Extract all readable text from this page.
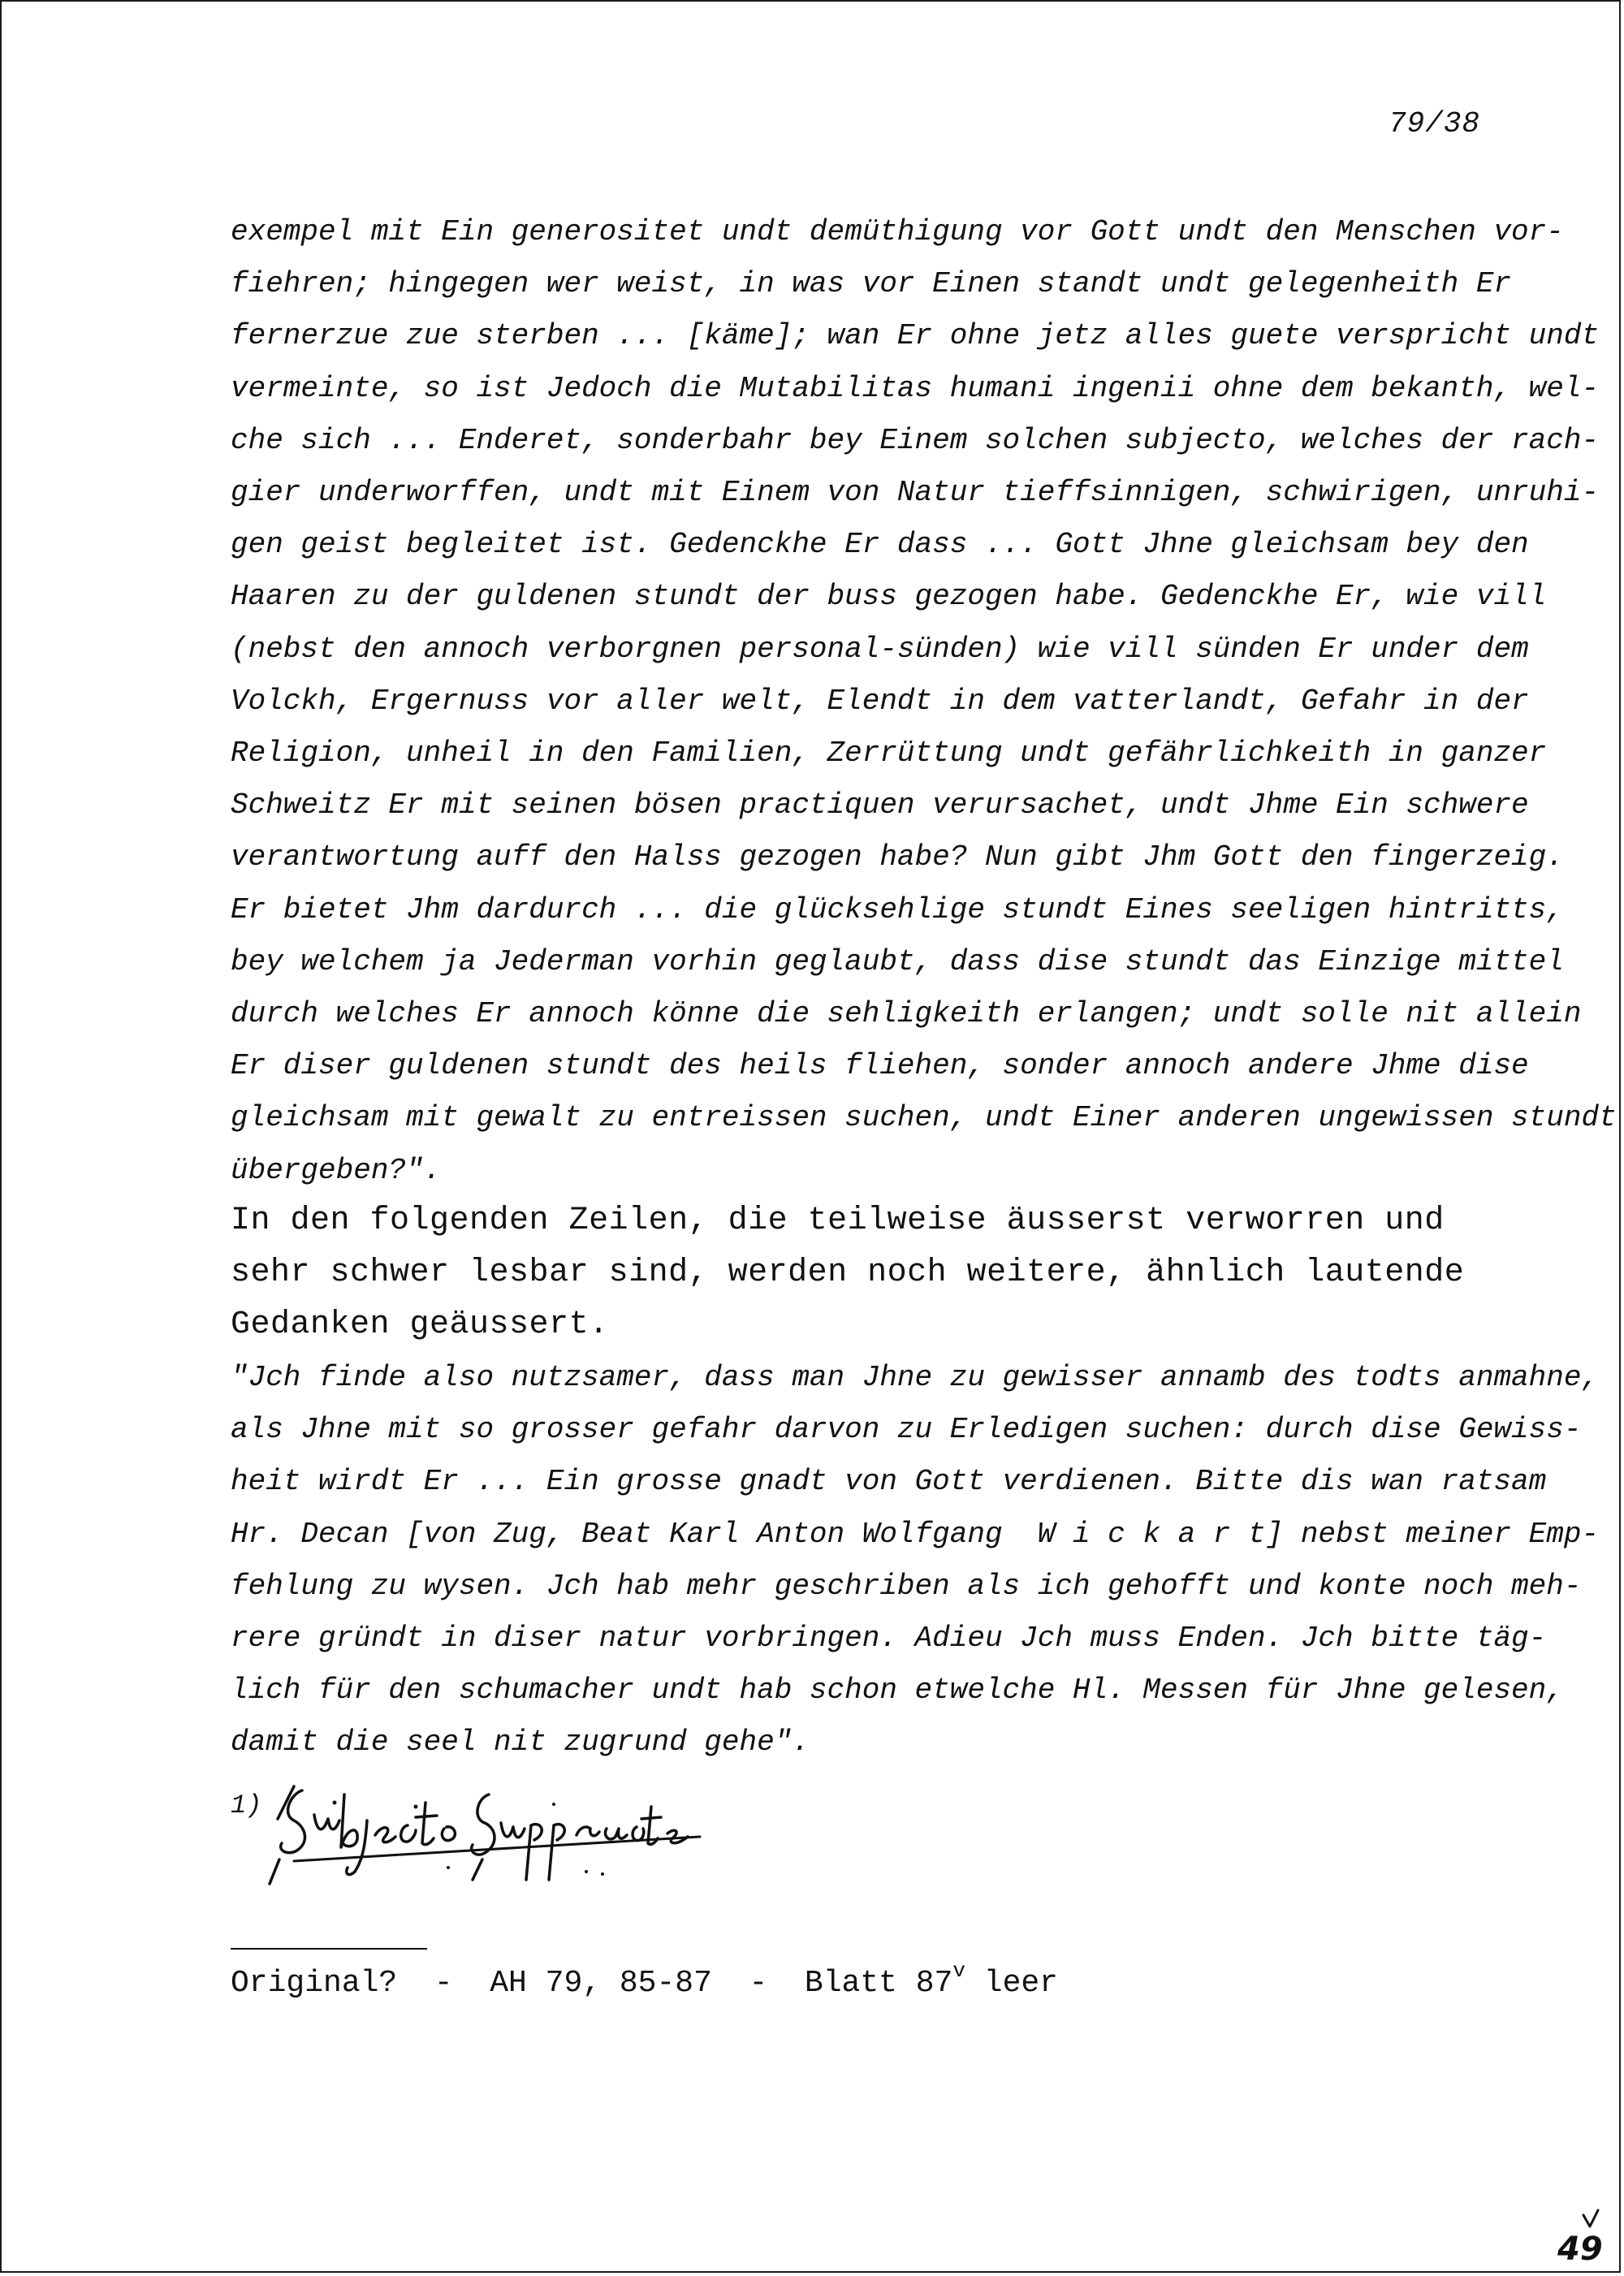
79/38
exempel mit Ein generositet undt demüthigung vor Gott undt den Menschen vor-
fiehren; hingegen wer weist, in was vor Einen standt undt gelegenheith Er
fernerzue zue sterben ... [käme]; wan Er ohne jetz alles guete verspricht undt
vermeinte, so ist Jedoch die Mutabilitas humani ingenii ohne dem bekanth, wel-
che sich ... Enderet, sonderbahr bey Einem solchen subjecto, welches der rach-
gier underworffen, undt mit Einem von Natur tieffsinnigen, schwirigen, unruhi-
gen geist begleitet ist. Gedenckhe Er dass ... Gott Jhne gleichsam bey den
Haaren zu der guldenen stundt der buss gezogen habe. Gedenckhe Er, wie vill
(nebst den annoch verborgnen personal-sünden) wie vill sünden Er under dem
Volckh, Ergernuss vor aller welt, Elendt in dem vatterlandt, Gefahr in der
Religion, unheil in den Familien, Zerrüttung undt gefährlichkeith in ganzer
Schweitz Er mit seinen bösen practiquen verursachet, undt Jhme Ein schwere
verantwortung auff den Halss gezogen habe? Nun gibt Jhm Gott den fingerzeig.
Er bietet Jhm dardurch ... die glücksehlige stundt Eines seeligen hintritts,
bey welchem ja Jederman vorhin geglaubt, dass dise stundt das Einzige mittel
durch welches Er annoch könne die sehligkeith erlangen; undt solle nit allein
Er diser guldenen stundt des heils fliehen, sonder annoch andere Jhme dise
gleichsam mit gewalt zu entreissen suchen, undt Einer anderen ungewissen stundt
übergeben?".
In den folgenden Zeilen, die teilweise äusserst verworren und
sehr schwer lesbar sind, werden noch weitere, ähnlich lautende
Gedanken geäussert.
"Jch finde also nutzsamer, dass man Jhne zu gewisser annamb des todts anmahne,
als Jhne mit so grosser gefahr darvon zu Erledigen suchen: durch dise Gewiss-
heit wirdt Er ... Ein grosse gnadt von Gott verdienen. Bitte dis wan ratsam
Hr. Decan [von Zug, Beat Karl Anton Wolfgang  W i c k a r t] nebst meiner Emp-
fehlung zu wysen. Jch hab mehr geschriben als ich gehofft und konte noch meh-
rere gründt in diser natur vorbringen. Adieu Jch muss Enden. Jch bitte täg-
lich für den schumacher undt hab schon etwelche Hl. Messen für Jhne gelesen,
damit die seel nit zugrund gehe".
1)
Original?  -  AH 79, 85-87  -  Blatt 87$^v$ leer
49
